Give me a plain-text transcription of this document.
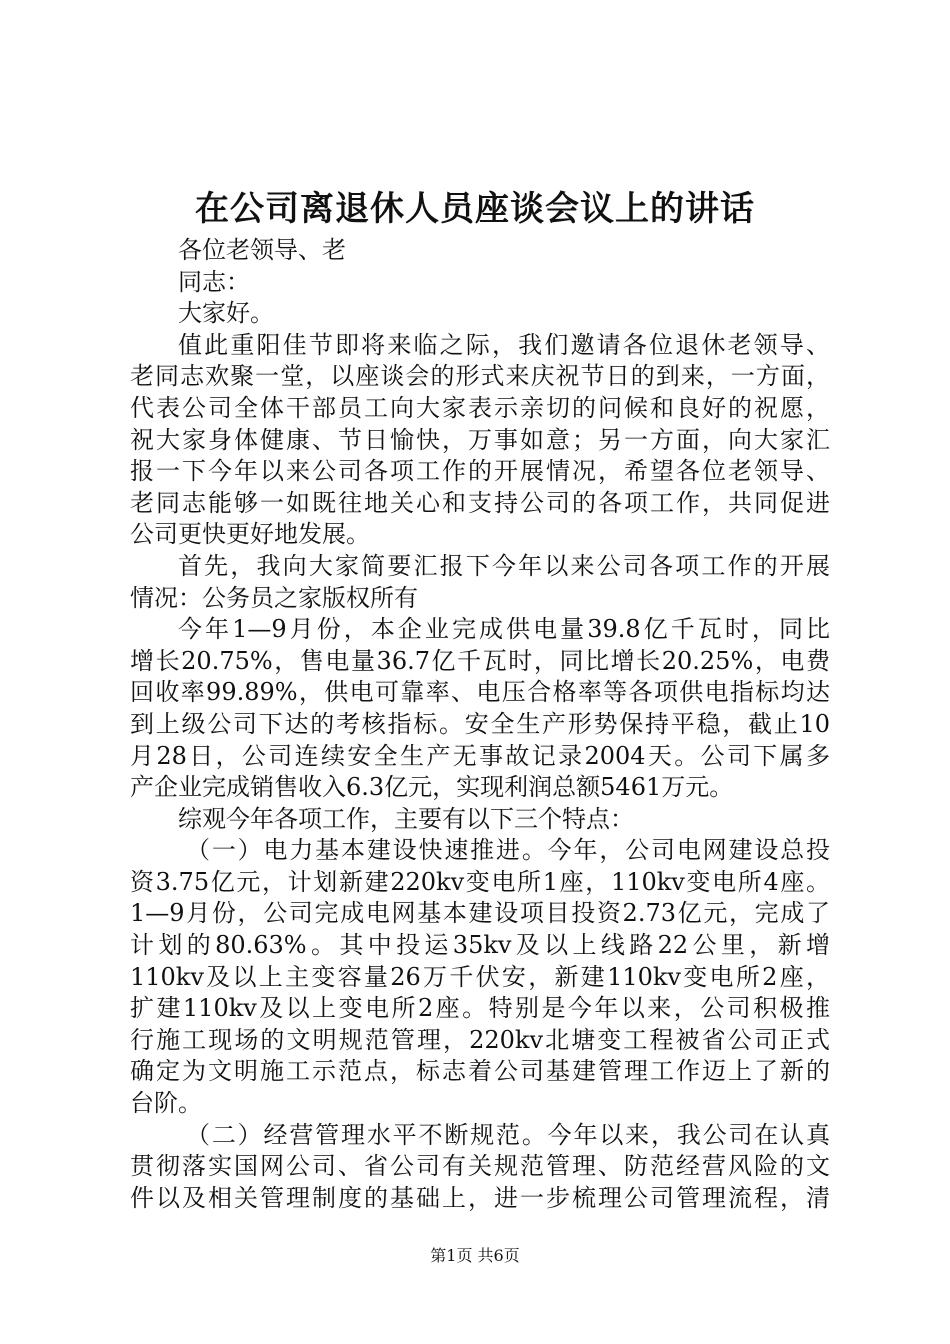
在公司离退休人员座谈会议上的讲话
各位老领导、老
同志：
大家好。
值此重阳佳节即将来临之际，我们邀请各位退休老领导、
老同志欢聚一堂，以座谈会的形式来庆祝节日的到来，一方面，
代表公司全体干部员工向大家表示亲切的问候和良好的祝愿，
祝大家身体健康、节日愉快，万事如意；另一方面，向大家汇
报一下今年以来公司各项工作的开展情况，希望各位老领导、
老同志能够一如既往地关心和支持公司的各项工作，共同促进
公司更快更好地发展。
首先，我向大家简要汇报下今年以来公司各项工作的开展
情况：公务员之家版权所有
今年1—9月份，本企业完成供电量39.8亿千瓦时，同比
增长20.75%，售电量36.7亿千瓦时，同比增长20.25%，电费
回收率99.89%，供电可靠率、电压合格率等各项供电指标均达
到上级公司下达的考核指标。安全生产形势保持平稳，截止10
月28日，公司连续安全生产无事故记录2004天。公司下属多
产企业完成销售收入6.3亿元，实现利润总额5461万元。
综观今年各项工作，主要有以下三个特点：
（一）电力基本建设快速推进。今年，公司电网建设总投
资3.75亿元，计划新建220kv变电所1座，110kv变电所4座。
1—9月份，公司完成电网基本建设项目投资2.73亿元，完成了
计划的80.63%。其中投运35kv及以上线路22公里，新增
110kv及以上主变容量26万千伏安，新建110kv变电所2座，
扩建110kv及以上变电所2座。特别是今年以来，公司积极推
行施工现场的文明规范管理，220kv北塘变工程被省公司正式
确定为文明施工示范点，标志着公司基建管理工作迈上了新的
台阶。
（二）经营管理水平不断规范。今年以来，我公司在认真
贯彻落实国网公司、省公司有关规范管理、防范经营风险的文
件以及相关管理制度的基础上，进一步梳理公司管理流程，清
第1页 共6页
